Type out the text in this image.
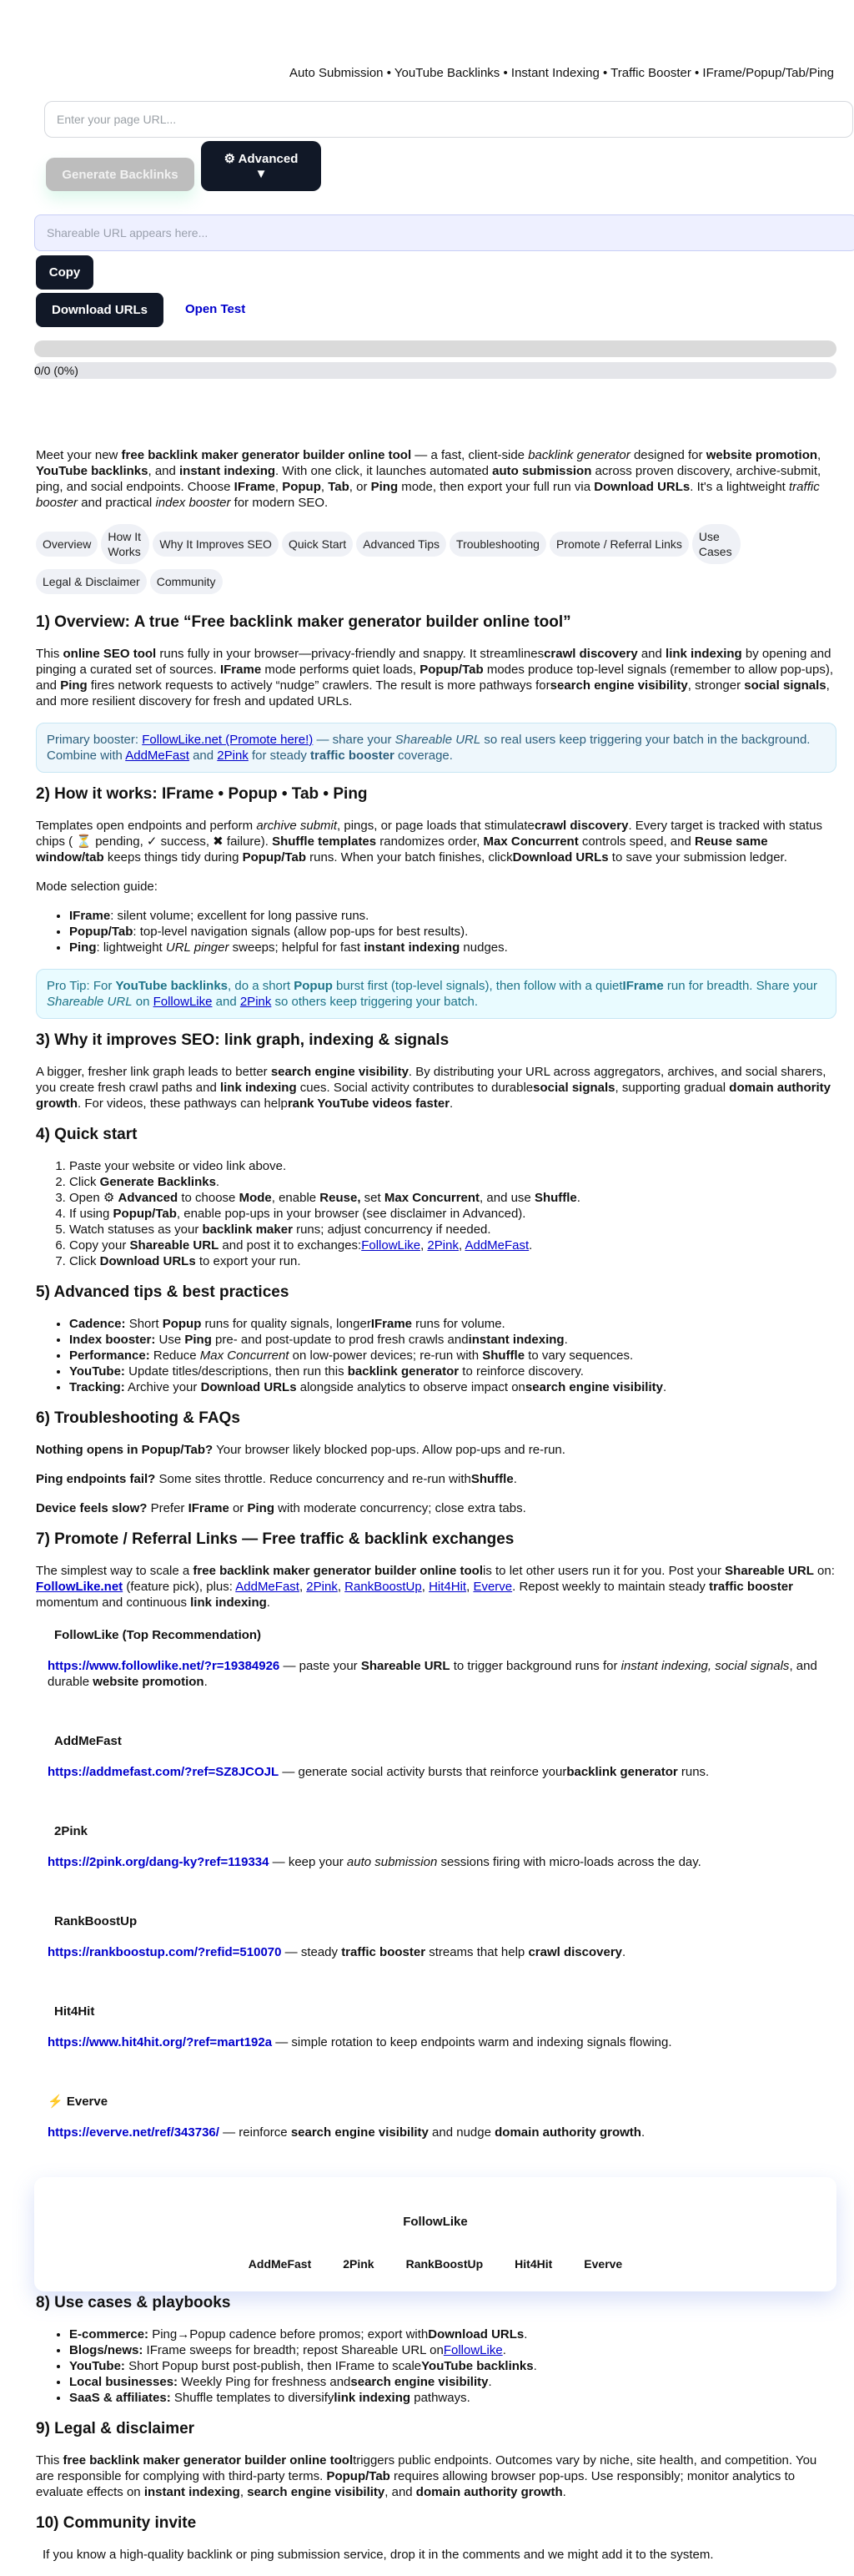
Auto Submission • YouTube Backlinks • Instant Indexing • Traffic Booster • IFrame/Popup/Tab/Ping
Enter your page URL...
Generate Backlinks
⚙ Advanced
▼
Shareable URL appears here...
Copy
Download URLs	Open Test
0/0 (0%)

Meet your new free backlink maker generator builder online tool — a fast, client-side backlink generator designed for website promotion, YouTube backlinks, and instant indexing. With one click, it launches automated auto submission across proven discovery, archive-submit, ping, and social endpoints. Choose IFrame, Popup, Tab, or Ping mode, then export your full run via Download URLs. It's a lightweight traffic booster and practical index booster for modern SEO.

Overview
How It Works
Why It Improves SEO	Quick Start	Advanced Tips	Troubleshooting	Promote / Referral Links
Use Cases
Legal & Disclaimer	Community
1) Overview: A true “Free backlink maker generator builder online tool”

This online SEO tool runs fully in your browser—privacy-friendly and snappy. It streamlinescrawl discovery and link indexing by opening and pinging a curated set of sources. IFrame mode performs quiet loads, Popup/Tab modes produce top-level signals (remember to allow pop-ups), and Ping fires network requests to actively “nudge” crawlers. The result is more pathways forsearch engine visibility, stronger social signals, and more resilient discovery for fresh and updated URLs.

Primary booster: FollowLike.net (Promote here!) — share your Shareable URL so real users keep triggering your batch in the background. Combine with AddMeFast and 2Pink for steady traffic booster coverage.
2) How it works: IFrame • Popup • Tab • Ping

Templates open endpoints and perform archive submit, pings, or page loads that stimulatecrawl discovery. Every target is tracked with status chips ( ⏳ pending, ✓ success, ✖ failure). Shuffle templates randomizes order, Max Concurrent controls speed, and Reuse same window/tab keeps things tidy during Popup/Tab runs. When your batch finishes, clickDownload URLs to save your submission ledger.

Mode selection guide:

• IFrame: silent volume; excellent for long passive runs.
• Popup/Tab: top-level navigation signals (allow pop-ups for best results).
• Ping: lightweight URL pinger sweeps; helpful for fast instant indexing nudges.
Pro Tip: For YouTube backlinks, do a short Popup burst first (top-level signals), then follow with a quietIFrame run for breadth. Share your Shareable URL on FollowLike and 2Pink so others keep triggering your batch.
3) Why it improves SEO: link graph, indexing & signals

A bigger, fresher link graph leads to better search engine visibility. By distributing your URL across aggregators, archives, and social sharers, you create fresh crawl paths and link indexing cues. Social activity contributes to durablesocial signals, supporting gradual domain authority growth. For videos, these pathways can helprank YouTube videos faster.

4) Quick start
1. Paste your website or video link above.
2. Click Generate Backlinks.
3. Open ⚙ Advanced to choose Mode, enable Reuse, set Max Concurrent, and use Shuffle.
4. If using Popup/Tab, enable pop-ups in your browser (see disclaimer in Advanced).
5. Watch statuses as your backlink maker runs; adjust concurrency if needed.
6. Copy your Shareable URL and post it to exchanges:FollowLike, 2Pink, AddMeFast.
7. Click Download URLs to export your run.
5) Advanced tips & best practices
• Cadence: Short Popup runs for quality signals, longerIFrame runs for volume.
• Index booster: Use Ping pre- and post-update to prod fresh crawls andinstant indexing.
• Performance: Reduce Max Concurrent on low-power devices; re-run with Shuffle to vary sequences.
• YouTube: Update titles/descriptions, then run this backlink generator to reinforce discovery.
• Tracking: Archive your Download URLs alongside analytics to observe impact onsearch engine visibility.
6) Troubleshooting & FAQs

Nothing opens in Popup/Tab? Your browser likely blocked pop-ups. Allow pop-ups and re-run.

Ping endpoints fail? Some sites throttle. Reduce concurrency and re-run withShuffle.

Device feels slow? Prefer IFrame or Ping with moderate concurrency; close extra tabs.

7) Promote / Referral Links — Free traffic & backlink exchanges

The simplest way to scale a free backlink maker generator builder online toolis to let other users run it for you. Post your Shareable URL on: FollowLike.net (feature pick), plus: AddMeFast, 2Pink, RankBoostUp, Hit4Hit, Everve. Repost weekly to maintain steady traffic booster momentum and continuous link indexing.

FollowLike (Top Recommendation)

https://www.followlike.net/?r=19384926 — paste your Shareable URL to trigger background runs for instant indexing, social signals, and durable website promotion.

AddMeFast

https://addmefast.com/?ref=SZ8JCOJL — generate social activity bursts that reinforce yourbacklink generator runs.

2Pink

https://2pink.org/dang-ky?ref=119334 — keep your auto submission sessions firing with micro-loads across the day.

RankBoostUp

https://rankboostup.com/?refid=510070 — steady traffic booster streams that help crawl discovery.

Hit4Hit

https://www.hit4hit.org/?ref=mart192a — simple rotation to keep endpoints warm and indexing signals flowing.

⚡ Everve

https://everve.net/ref/343736/ — reinforce search engine visibility and nudge domain authority growth.

FollowLike
AddMeFast	2Pink	RankBoostUp	Hit4Hit	Everve
8) Use cases & playbooks
• E-commerce: Ping→Popup cadence before promos; export withDownload URLs.
• Blogs/news: IFrame sweeps for breadth; repost Shareable URL onFollowLike.
• YouTube: Short Popup burst post-publish, then IFrame to scaleYouTube backlinks.
• Local businesses: Weekly Ping for freshness andsearch engine visibility.
• SaaS & affiliates: Shuffle templates to diversifylink indexing pathways.
9) Legal & disclaimer

This free backlink maker generator builder online tooltriggers public endpoints. Outcomes vary by niche, site health, and competition. You are responsible for complying with third-party terms. Popup/Tab requires allowing browser pop-ups. Use responsibly; monitor analytics to evaluate effects on instant indexing, search engine visibility, and domain authority growth.

10) Community invite

If you know a high-quality backlink or ping submission service, drop it in the comments and we might add it to the system.
